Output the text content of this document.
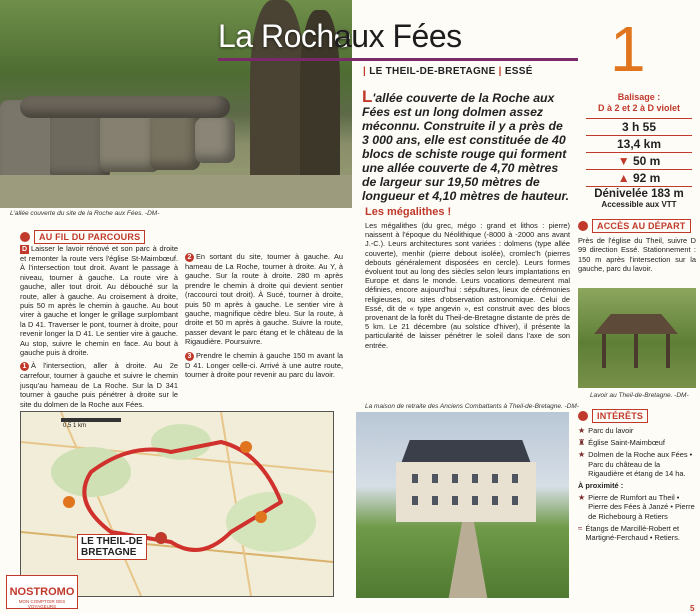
La Roche
aux Fées 1
| LE THEIL-DE-BRETAGNE | ESSÉ
L'allée couverte de la Roche aux Fées est un long dolmen assez méconnu. Construite il y a près de 3 000 ans, elle est constituée de 40 blocs de schiste rouge qui forment une allée couverte de 4,70 mètres de largeur sur 19,50 mètres de longueur et 4,10 mètres de hauteur.
L'allée couverte du site de la Roche aux Fées. -DM-
Balisage :
D à 2 et 2 à D violet
3 h 55
13,4 km
▼ 50 m
▲ 92 m
Dénivelée 183 m
Accessible aux VTT
AU FIL DU PARCOURS
D Laisser le lavoir rénové et son parc à droite et remonter la route vers l'église St-Maimbœuf. À l'intersection tout droit. Avant le passage à niveau, tourner à gauche. La route vire à gauche, aller tout droit. Au débouché sur la route, aller à gauche. Au croisement à droite, puis 50 m après le chemin à gauche. Au bout virer à gauche et longer le grillage surplombant la D 41. Traverser le pont, tourner à droite, pour revenir longer la D 41. Le sentier vire à gauche. Au stop, suivre le chemin en face. Au bout à gauche puis à droite.
1 À l'intersection, aller à droite. Au 2e carrefour, tourner à gauche et suivre le chemin jusqu'au hameau de La Roche. Sur la D 341 tourner à gauche puis pénétrer à droite sur le site du dolmen de la Roche aux Fées.
2 En sortant du site, tourner à gauche. Au hameau de La Roche, tourner à droite. Au Y, à gauche. Sur la route à droite. 280 m après prendre le chemin à droite qui devient sentier (raccourci tout droit). À Sucé, tourner à droite, puis 50 m après à gauche. Le sentier vire à gauche, magnifique cèdre bleu. Sur la route, à droite et 50 m après à gauche. Suivre la route, passer devant le parc étang et le château de la Rigaudière. Poursuivre.
3 Prendre le chemin à gauche 150 m avant la D 41. Longer celle-ci. Arrivé à une autre route, tourner à droite pour revenir au parc du lavoir.
LE THEIL-DE
BRETAGNE
0,5 1 km
Les mégalithes !
Les mégalithes (du grec, mégo : grand et lithos : pierre) naissent à l'époque du Néolithique (-8000 à -2000 ans avant J.-C.). Leurs architectures sont variées : dolmens (type allée couverte), menhir (pierre debout isolée), cromlec'h (pierres debouts généralement disposées en cercle). Leurs formes évoluent tout au long des siècles selon leurs implantations en Europe et dans le monde. Leurs vocations demeurent mal définies, encore aujourd'hui : sépultures, lieux de cérémonies religieuses, ou sites d'observation astronomique. Celui de Essé, dit de « type angevin », est construit avec des blocs provenant de la forêt du Theil-de-Bretagne distante de près de 5 km. Le 21 décembre (au solstice d'hiver), il présente la particularité de laisser pénétrer le soleil dans l'axe de son entrée.
La maison de retraite des Anciens Combattants à Theil-de-Bretagne. -DM-
ACCÈS AU DÉPART
Près de l'église du Theil, suivre D 99 direction Essé. Stationnement : 150 m après l'intersection sur la gauche, parc du lavoir.
Lavoir au Theil-de-Bretagne. -DM-
INTÉRÊTS
★ Parc du lavoir
♜ Église Saint-Maimbœuf
★ Dolmen de la Roche aux Fées • Parc du château de la Rigaudière et étang de 14 ha.
À proximité :
★ Pierre de Rumfort au Theil • Pierre des Fées à Janzé • Pierre de Richebourg à Retiers
≈ Étangs de Marcillé-Robert et Martigné-Ferchaud • Retiers.
NOSTROMO
MON COMPTOIR DES VOYAGEURS	5
